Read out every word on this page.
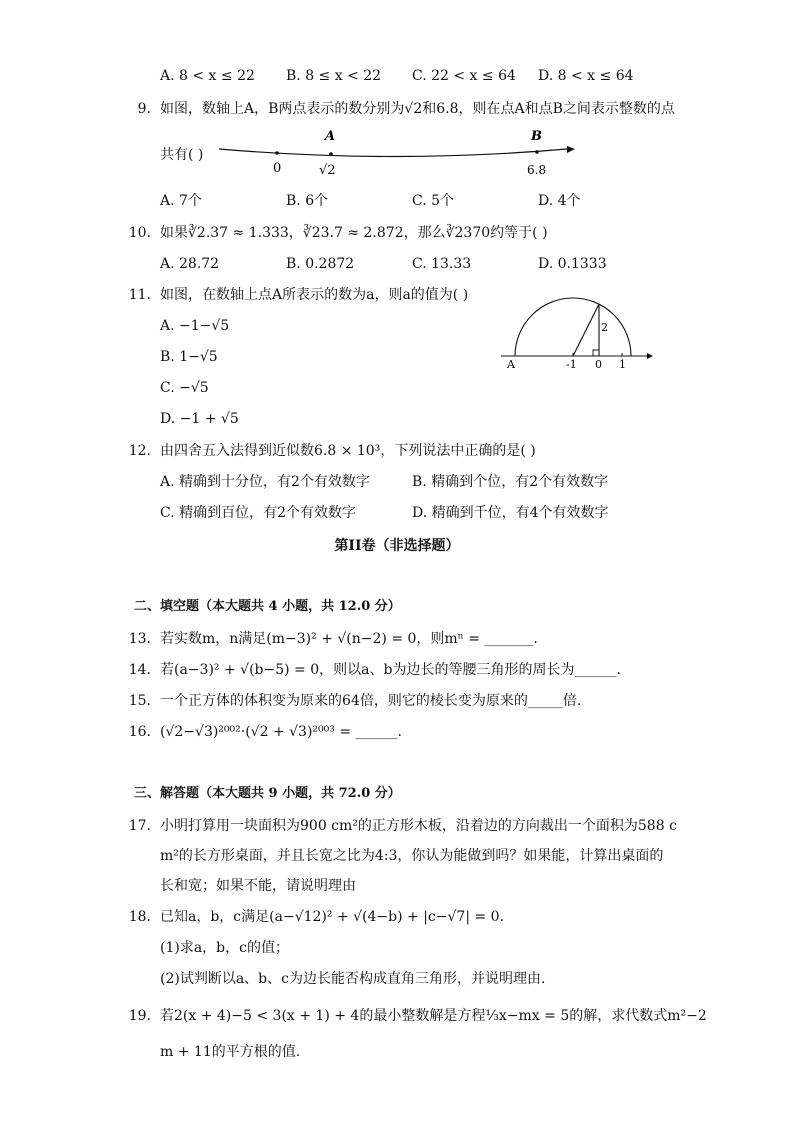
A. 8 < x ≤ 22 B. 8 ≤ x < 22 C. 22 < x ≤ 64 D. 8 < x ≤ 64
9. 如图，数轴上A，B两点表示的数分别为√2和6.8，则在点A和点B之间表示整数的点
共有( )
A	B
0	√2	6.8
A. 7个	B. 6个	C. 5个	D. 4个
10. 如果∛2.37 ≈ 1.333，∛23.7 ≈ 2.872，那么∛2370约等于( )
A. 28.72	B. 0.2872	C. 13.33	D. 0.1333
11. 如图，在数轴上点A所表示的数为a，则a的值为( )
A. −1−√5
B. 1−√5
C. −√5
D. −1 + √5
2
A	-1 0 1
12. 由四舍五入法得到近似数6.8 × 10³，下列说法中正确的是( )
A. 精确到十分位，有2个有效数字	B. 精确到个位，有2个有效数字
C. 精确到百位，有2个有效数字	D. 精确到千位，有4个有效数字
第II卷（非选择题）
二、填空题（本大题共 4 小题，共 12.0 分）
13. 若实数m，n满足(m−3)² + √(n−2) = 0，则mⁿ = _______.
14. 若(a−3)² + √(b−5) = 0，则以a、b为边长的等腰三角形的周长为______.
15. 一个正方体的体积变为原来的64倍，则它的棱长变为原来的_____倍.
16. (√2−√3)²⁰⁰²·(√2 + √3)²⁰⁰³ = ______.
三、解答题（本大题共 9 小题，共 72.0 分）
17. 小明打算用一块面积为900 cm²的正方形木板，沿着边的方向裁出一个面积为588 c
m²的长方形桌面，并且长宽之比为4:3，你认为能做到吗？如果能，计算出桌面的
长和宽；如果不能，请说明理由
18. 已知a，b，c满足(a−√12)² + √(4−b) + |c−√7| = 0.
(1)求a，b，c的值；
(2)试判断以a、b、c为边长能否构成直角三角形，并说明理由.
19. 若2(x + 4)−5 < 3(x + 1) + 4的最小整数解是方程⅓x−mx = 5的解，求代数式m²−2
m + 11的平方根的值.
